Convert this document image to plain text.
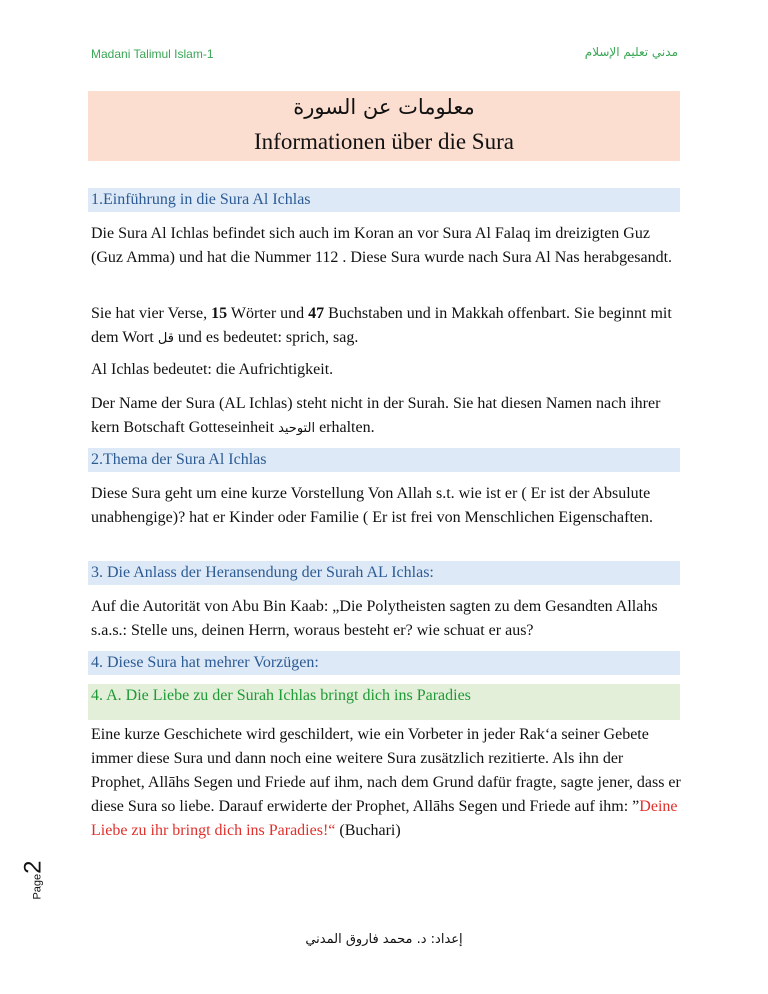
Madani Talimul Islam-1	مدني تعليم الإسلام
معلومات عن السورة
Informationen über die Sura
1.Einführung in die Sura Al Ichlas

Die Sura Al Ichlas befindet sich auch im Koran an vor Sura Al Falaq im dreizigten Guz (Guz Amma) und hat die Nummer 112 . Diese Sura wurde nach Sura Al Nas herabgesandt.

Sie hat vier Verse, 15 Wörter und 47 Buchstaben und in Makkah offenbart. Sie beginnt mit dem Wort قل und es bedeutet: sprich, sag.

Al Ichlas bedeutet: die Aufrichtigkeit.

Der Name der Sura (AL Ichlas) steht nicht in der Surah. Sie hat diesen Namen nach ihrer kern Botschaft Gotteseinheit التوحيد erhalten.

2.Thema der Sura Al Ichlas

Diese Sura geht um eine kurze Vorstellung Von Allah s.t. wie ist er ( Er ist der Absulute unabhengige)? hat er Kinder oder Familie ( Er ist frei von Menschlichen Eigenschaften.

3. Die Anlass der Heransendung der Surah AL Ichlas:

Auf die Autorität von Abu Bin Kaab: „Die Polytheisten sagten zu dem Gesandten Allahs s.a.s.: Stelle uns, deinen Herrn, woraus besteht er? wie schuat er aus?

4. Diese Sura hat mehrer Vorzügen:
4. A. Die Liebe zu der Surah Ichlas bringt dich ins Paradies

Eine kurze Geschichete wird geschildert, wie ein Vorbeter in jeder Rak‘a seiner Gebete immer diese Sura und dann noch eine weitere Sura zusätzlich rezitierte. Als ihn der Prophet, Allāhs Segen und Friede auf ihm, nach dem Grund dafür fragte, sagte jener, dass er diese Sura so liebe. Darauf erwiderte der Prophet, Allāhs Segen und Friede auf ihm: ”Deine Liebe zu ihr bringt dich ins Paradies!“ (Buchari)

Page2
إعداد: د. محمد فاروق المدني
